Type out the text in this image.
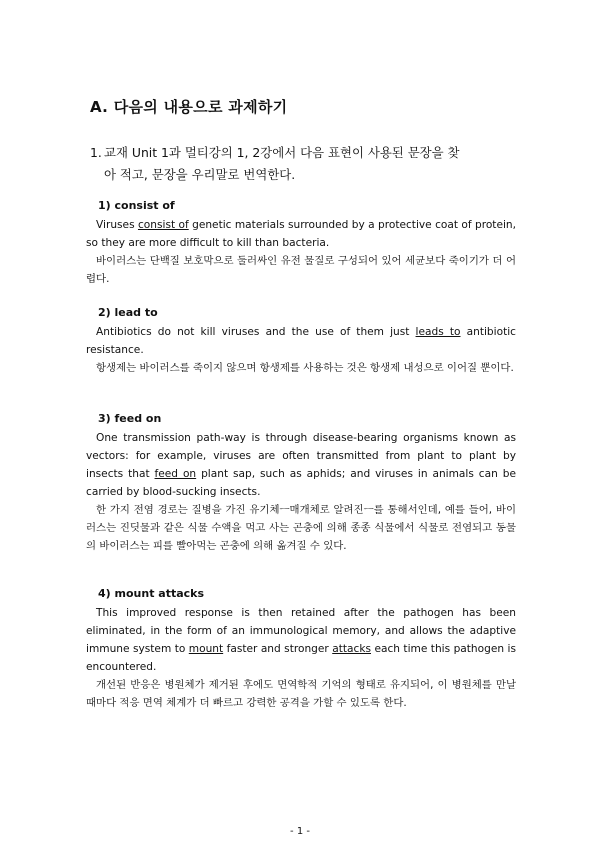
A. 다음의 내용으로 과제하기
1. 교재 Unit 1과 멀티강의 1, 2강에서 다음 표현이 사용된 문장을 찾
아 적고, 문장을 우리말로 번역한다.
1) consist of
Viruses consist of genetic materials surrounded by a protective coat of protein, so they are more difficult to kill than bacteria.
바이러스는 단백질 보호막으로 둘러싸인 유전 물질로 구성되어 있어 세균보다 죽이기가 더 어렵다.
2) lead to
Antibiotics do not kill viruses and the use of them just leads to antibiotic resistance.
항생제는 바이러스를 죽이지 않으며 항생제를 사용하는 것은 항생제 내성으로 이어질 뿐이다.
3) feed on
One transmission path-way is through disease-bearing organisms known as vectors: for example, viruses are often transmitted from plant to plant by insects that feed on plant sap, such as aphids; and viruses in animals can be carried by blood-sucking insects.
한 가지 전염 경로는 질병을 가진 유기체ㅡ매개체로 알려진ㅡ를 통해서인데, 예를 들어, 바이러스는 진딧물과 같은 식물 수액을 먹고 사는 곤충에 의해 종종 식물에서 식물로 전염되고 동물의 바이러스는 피를 빨아먹는 곤충에 의해 옮겨질 수 있다.
4) mount attacks
This improved response is then retained after the pathogen has been eliminated, in the form of an immunological memory, and allows the adaptive immune system to mount faster and stronger attacks each time this pathogen is encountered.
개선된 반응은 병원체가 제거된 후에도 면역학적 기억의 형태로 유지되어, 이 병원체를 만날 때마다 적응 면역 체계가 더 빠르고 강력한 공격을 가할 수 있도록 한다.
- 1 -
